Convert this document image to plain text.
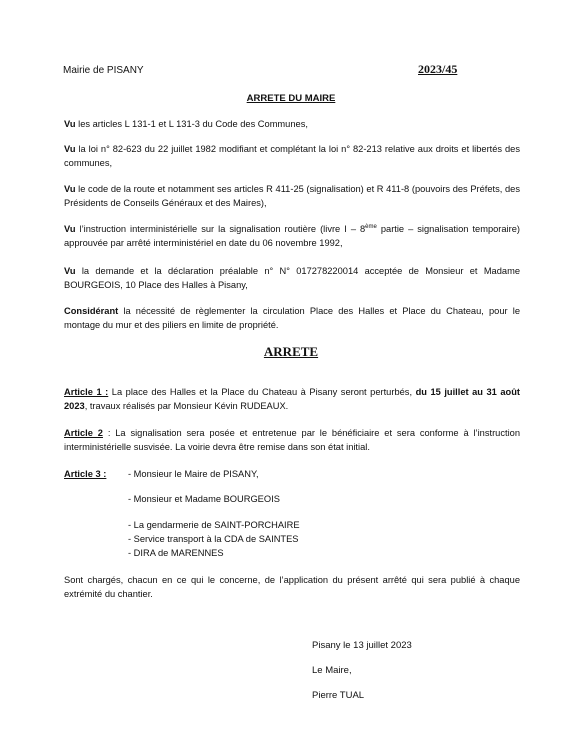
Mairie de PISANY	2023/45
ARRETE DU MAIRE

Vu les articles L 131-1 et L 131-3 du Code des Communes,

Vu la loi n° 82-623 du 22 juillet 1982 modifiant et complétant la loi n° 82-213 relative aux droits et libertés des communes,

Vu le code de la route et notamment ses articles R 411-25 (signalisation) et R 411-8 (pouvoirs des Préfets, des Présidents de Conseils Généraux et des Maires),

Vu l’instruction interministérielle sur la signalisation routière (livre I – 8ème partie – signalisation temporaire) approuvée par arrêté interministériel en date du 06 novembre 1992,

Vu la demande et la déclaration préalable n° N° 017278220014 acceptée de Monsieur et Madame BOURGEOIS, 10 Place des Halles à Pisany,

Considérant la nécessité de règlementer la circulation Place des Halles et Place du Chateau, pour le montage du mur et des piliers en limite de propriété.

ARRETE

Article 1 : La place des Halles et la Place du Chateau à Pisany seront perturbés, du 15 juillet au 31 août 2023, travaux réalisés par Monsieur Kévin RUDEAUX.

Article 2 : La signalisation sera posée et entretenue par le bénéficiaire et sera conforme à l’instruction interministérielle susvisée. La voirie devra être remise dans son état initial.

Article 3 : - Monsieur le Maire de PISANY,
- Monsieur et Madame BOURGEOIS
- La gendarmerie de SAINT-PORCHAIRE
- Service transport à la CDA de SAINTES
- DIRA de MARENNES

Sont chargés, chacun en ce qui le concerne, de l’application du présent arrêté qui sera publié à chaque extrémité du chantier.

Pisany le 13 juillet 2023
Le Maire,
Pierre TUAL
